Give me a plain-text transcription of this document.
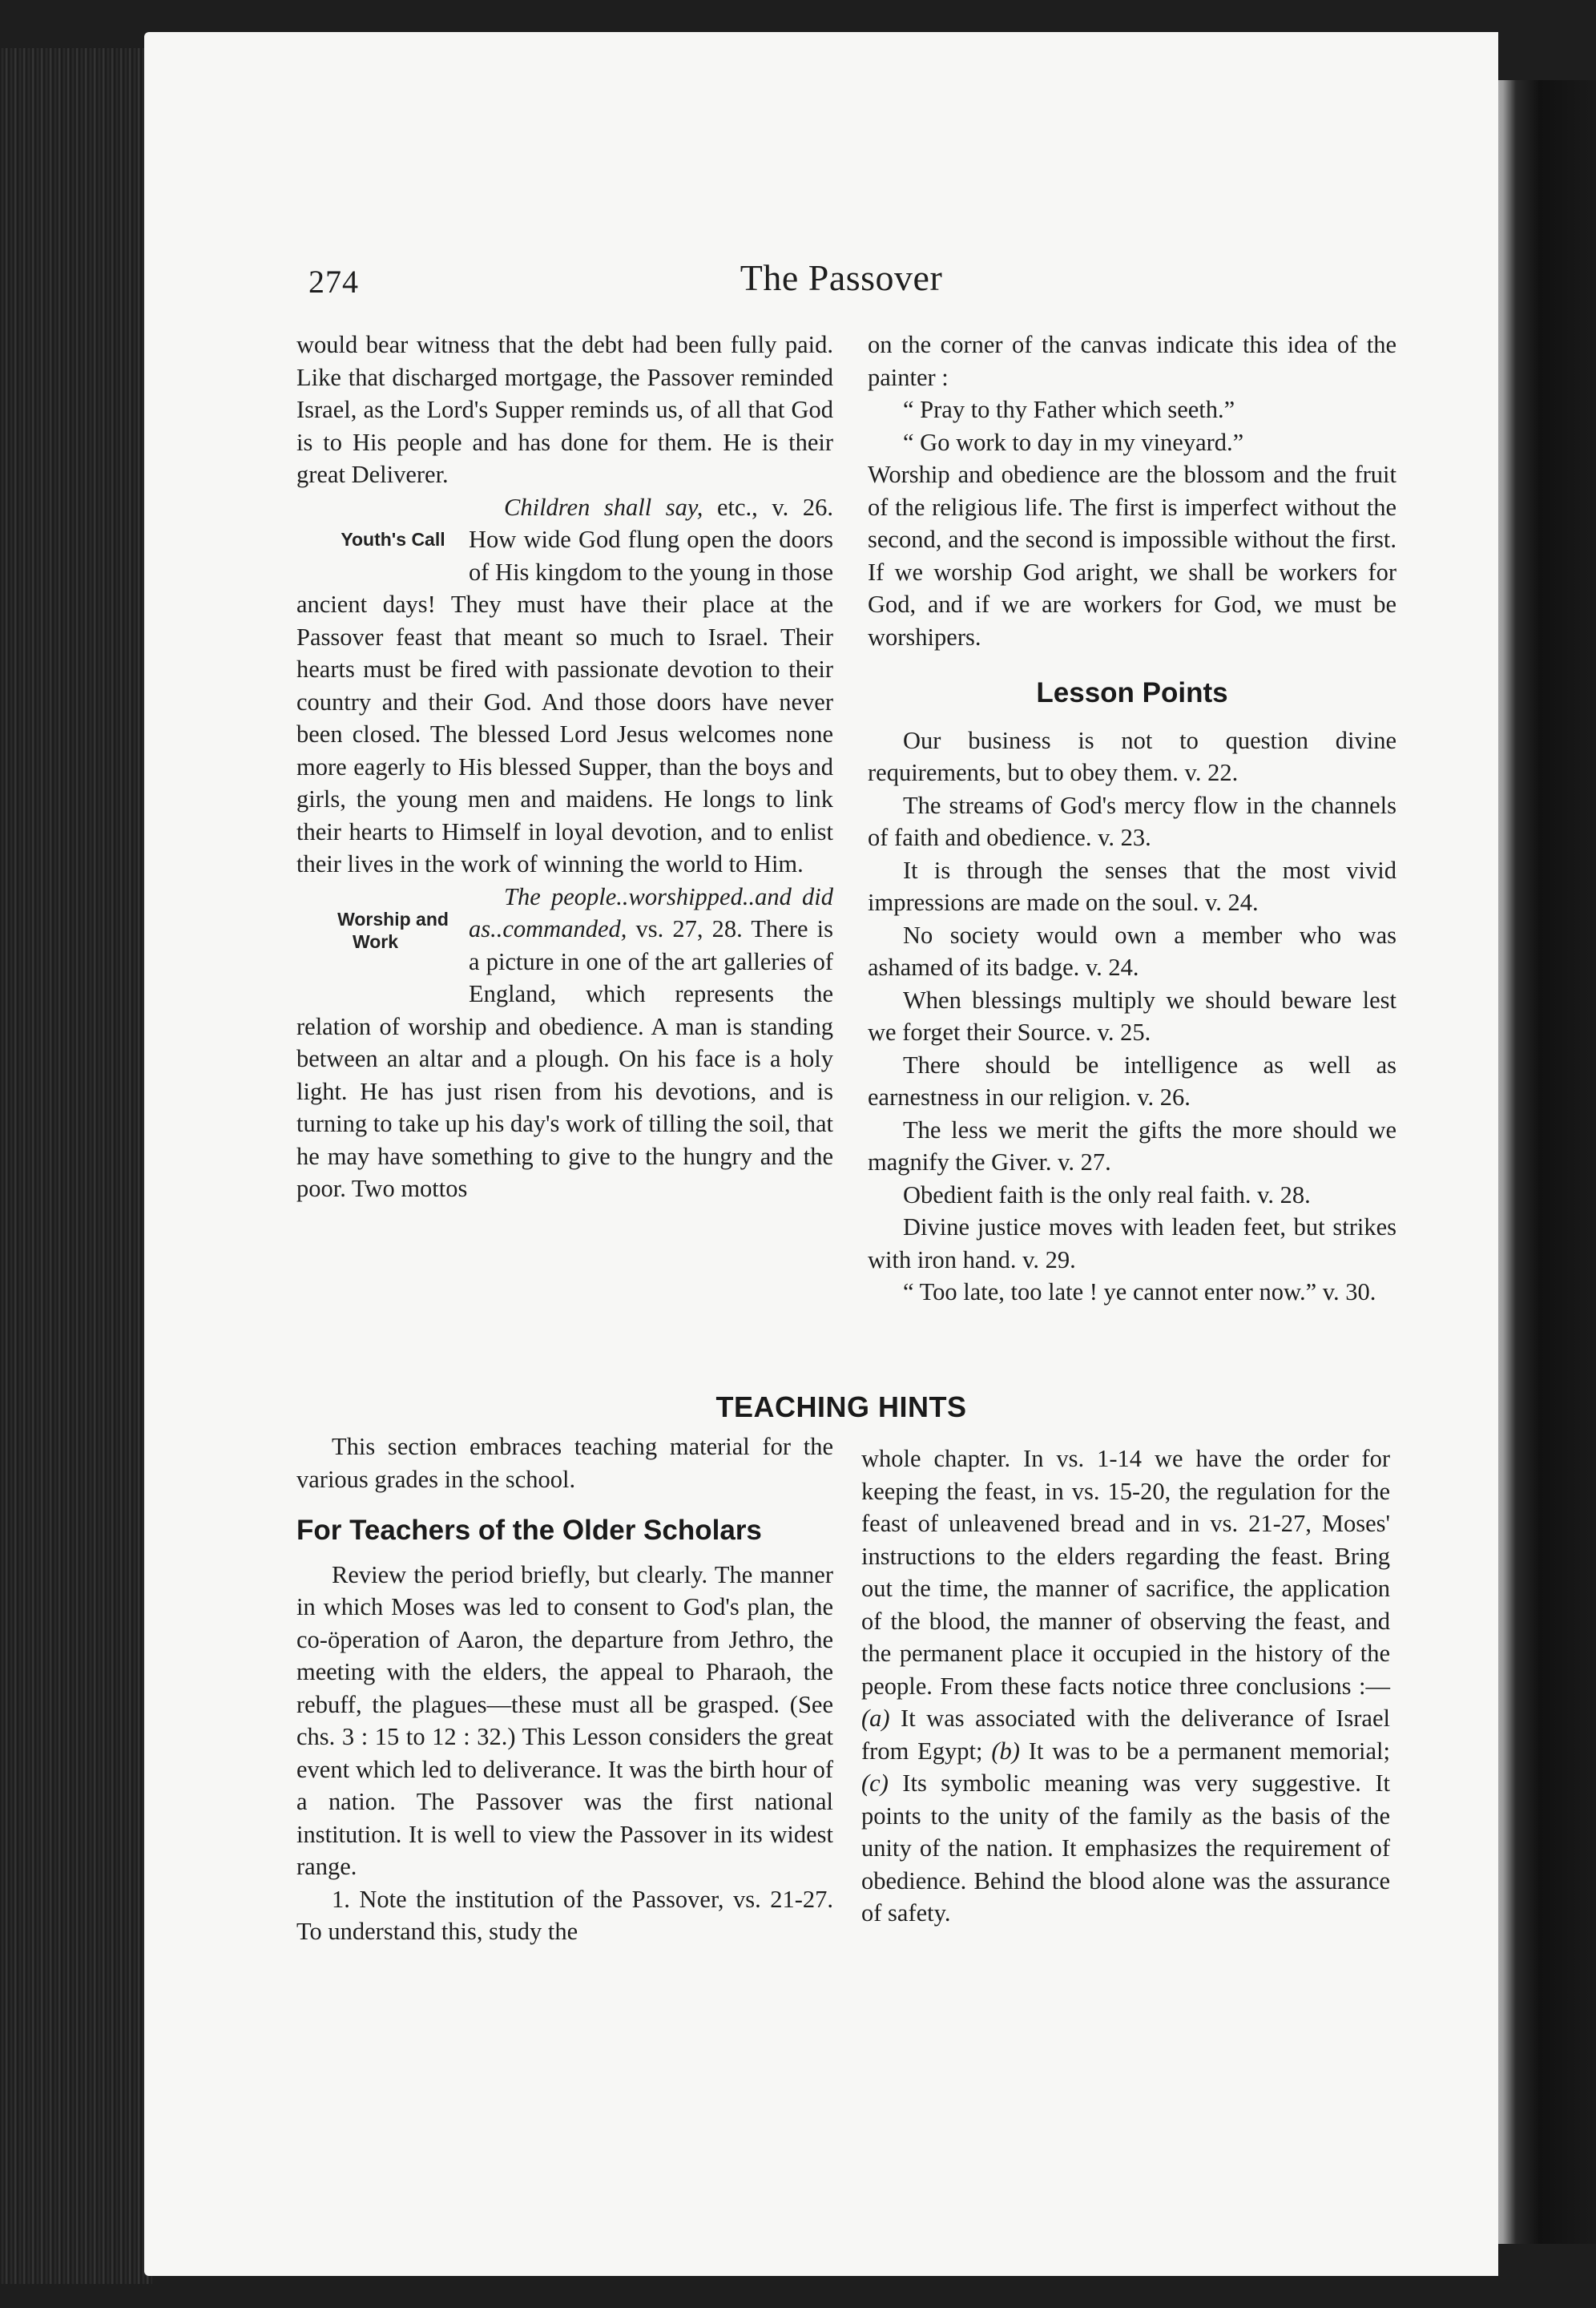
274	The Passover

would bear witness that the debt had been fully paid. Like that discharged mortgage, the Passover reminded Israel, as the Lord's Supper reminds us, of all that God is to His people and has done for them. He is their great Deliverer.

Youth's Call
Children shall say, etc., v. 26. How wide God flung open the doors of His kingdom to the young in those ancient days! They must have their place at the Passover feast that meant so much to Israel. Their hearts must be fired with passionate devotion to their country and their God. And those doors have never been closed. The blessed Lord Jesus welcomes none more eagerly to His blessed Supper, than the boys and girls, the young men and maidens. He longs to link their hearts to Himself in loyal devotion, and to enlist their lives in the work of winning the world to Him.

Worship and Work
The people..worshipped..and did as..commanded, vs. 27, 28. There is a picture in one of the art galleries of England, which represents the relation of worship and obedience. A man is standing between an altar and a plough. On his face is a holy light. He has just risen from his devotions, and is turning to take up his day's work of tilling the soil, that he may have something to give to the hungry and the poor. Two mottos

on the corner of the canvas indicate this idea of the painter :

“ Pray to thy Father which seeth.”

“ Go work to day in my vineyard.”

Worship and obedience are the blossom and the fruit of the religious life. The first is imperfect without the second, and the second is impossible without the first. If we worship God aright, we shall be workers for God, and if we are workers for God, we must be worshipers.

Lesson Points

Our business is not to question divine requirements, but to obey them. v. 22.

The streams of God's mercy flow in the channels of faith and obedience. v. 23.

It is through the senses that the most vivid impressions are made on the soul. v. 24.

No society would own a member who was ashamed of its badge. v. 24.

When blessings multiply we should beware lest we forget their Source. v. 25.

There should be intelligence as well as earnestness in our religion. v. 26.

The less we merit the gifts the more should we magnify the Giver. v. 27.

Obedient faith is the only real faith. v. 28.

Divine justice moves with leaden feet, but strikes with iron hand. v. 29.

“ Too late, too late ! ye cannot enter now.” v. 30.

TEACHING HINTS

This section embraces teaching material for the various grades in the school.

For Teachers of the Older Scholars

Review the period briefly, but clearly. The manner in which Moses was led to consent to God's plan, the co-öperation of Aaron, the departure from Jethro, the meeting with the elders, the appeal to Pharaoh, the rebuff, the plagues—these must all be grasped. (See chs. 3 : 15 to 12 : 32.) This Lesson considers the great event which led to deliverance. It was the birth hour of a nation. The Passover was the first national institution. It is well to view the Passover in its widest range.

1. Note the institution of the Passover, vs. 21-27. To understand this, study the

whole chapter. In vs. 1-14 we have the order for keeping the feast, in vs. 15-20, the regulation for the feast of unleavened bread and in vs. 21-27, Moses' instructions to the elders regarding the feast. Bring out the time, the manner of sacrifice, the application of the blood, the manner of observing the feast, and the permanent place it occupied in the history of the people. From these facts notice three conclusions :—(a) It was associated with the deliverance of Israel from Egypt; (b) It was to be a permanent memorial; (c) Its symbolic meaning was very suggestive. It points to the unity of the family as the basis of the unity of the nation. It emphasizes the requirement of obedience. Behind the blood alone was the assurance of safety.
